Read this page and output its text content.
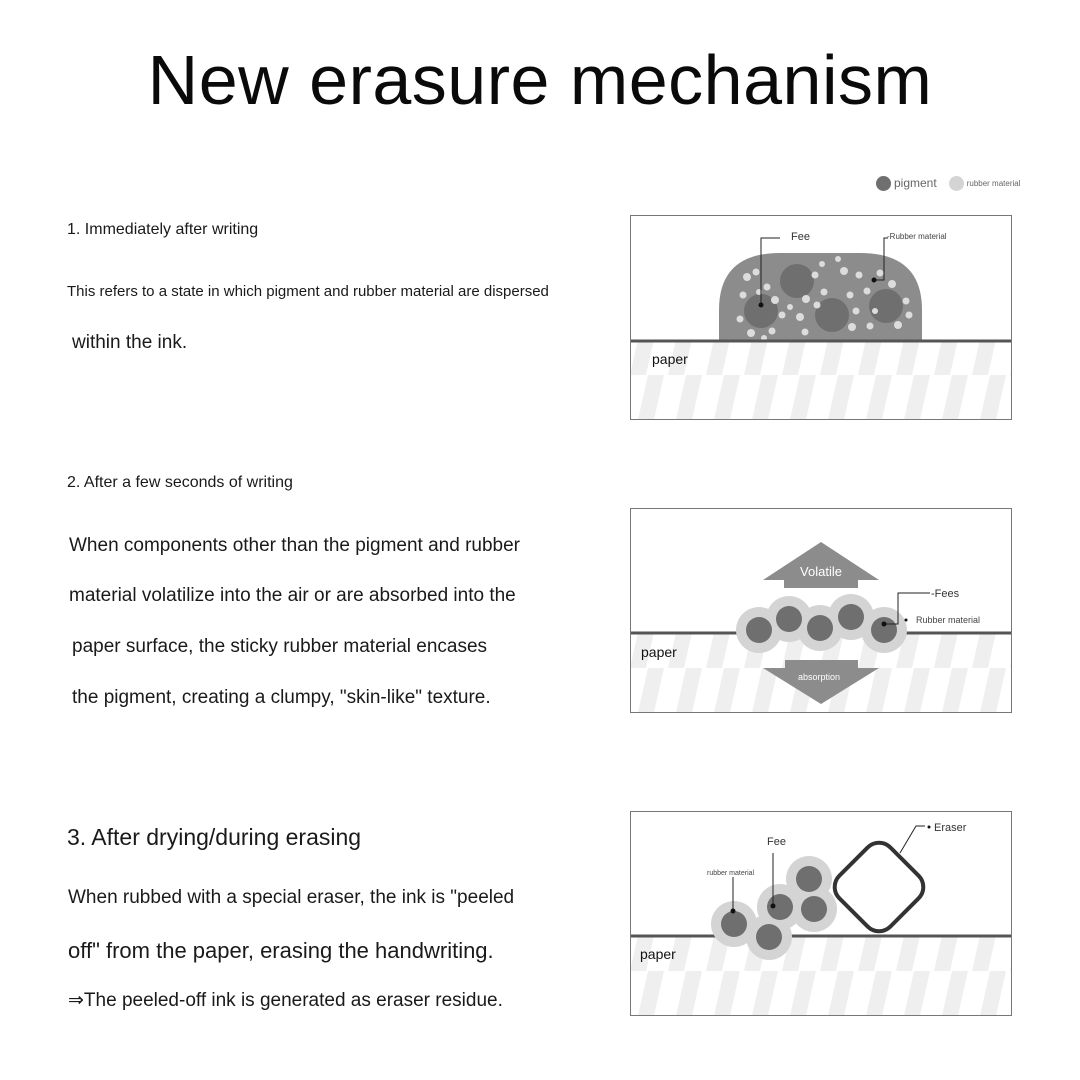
New erasure mechanism
pigment	rubber material
1. Immediately after writing
This refers to a state in which pigment and rubber material are dispersed
within the ink.
Fee	-Rubber material
paper
2. After a few seconds of writing
When components other than the pigment and rubber
material volatilize into the air or are absorbed into the
paper surface, the sticky rubber material encases
the pigment, creating a clumpy, "skin-like" texture.
Volatile
absorption
-Fees
Rubber material
paper
3. After drying/during erasing
When rubbed with a special eraser, the ink is "peeled
off" from the paper, erasing the handwriting.
⇒The peeled-off ink is generated as eraser residue.
Eraser
Fee
rubber material
paper
